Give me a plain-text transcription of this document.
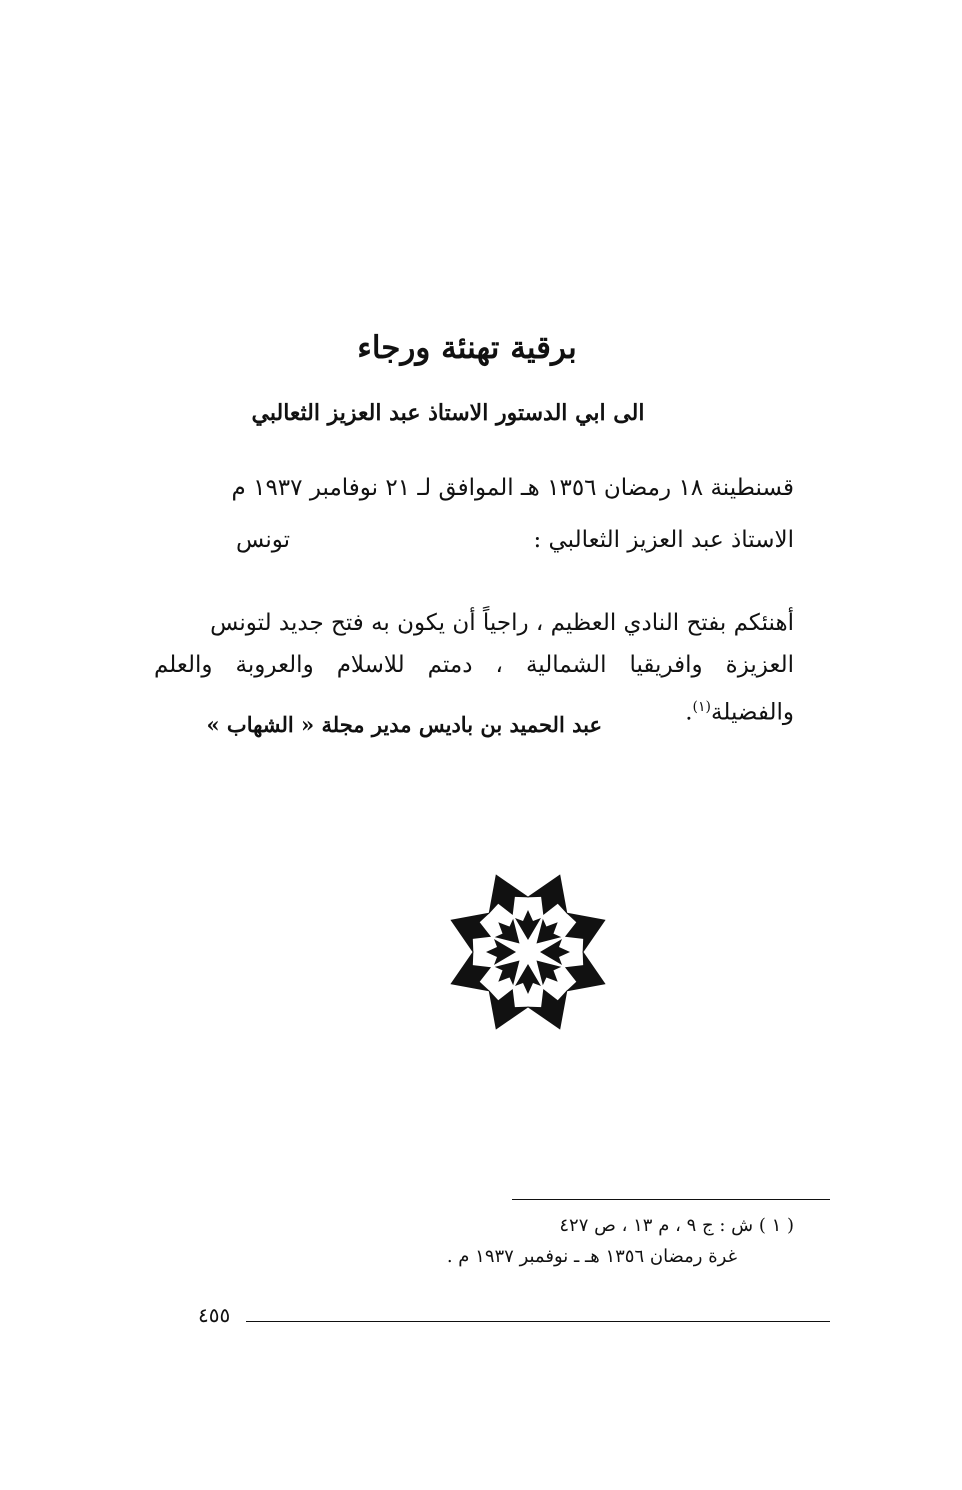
برقية تهنئة ورجاء
الى ابي الدستور الاستاذ عبد العزيز الثعالبي
قسنطينة ١٨ رمضان ١٣٥٦ هـ الموافق لـ ٢١ نوفامبر ١٩٣٧ م
الاستاذ عبد العزيز الثعالبي :
تونس

أهنئكم بفتح النادي العظيم ، راجياً أن يكون به فتح جديد لتونس

العزيزة وافريقيا الشمالية ، دمتم للاسلام والعروبة والعلم والفضيلة$^{(١)}$.

عبد الحميد بن باديس مدير مجلة « الشهاب »
( ١ ) ش : ج ٩ ، م ١٣ ، ص ٤٢٧
غرة رمضان ١٣٥٦ هـ ـ نوفمبر ١٩٣٧ م .
٤٥٥
